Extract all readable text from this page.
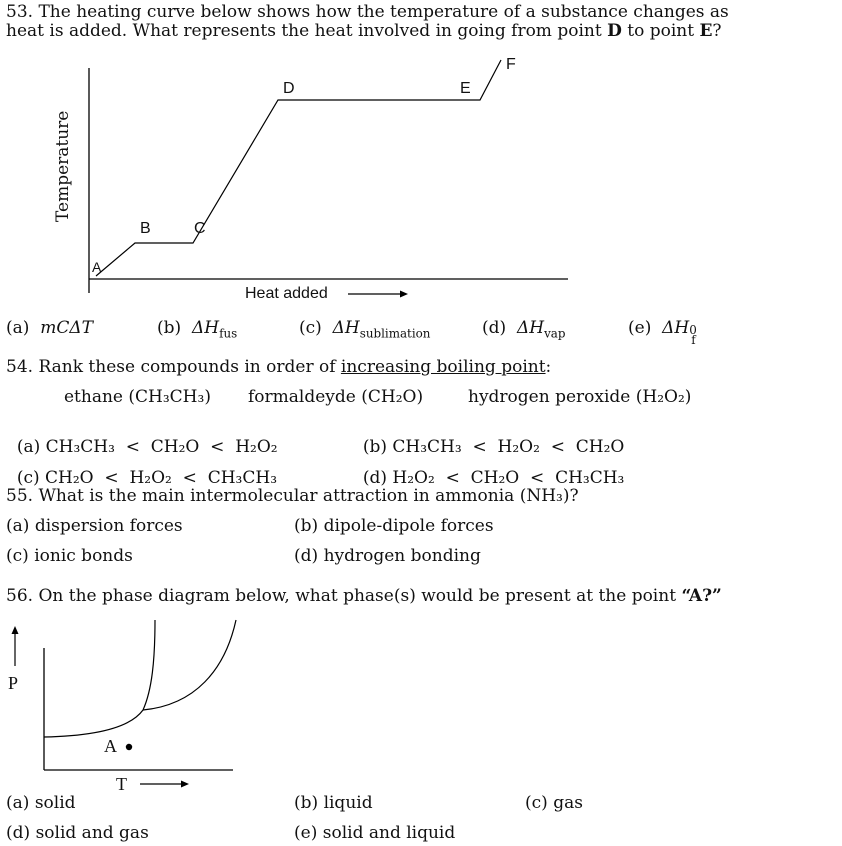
53. The heating curve below shows how the temperature of a substance changes as
heat is added. What represents the heat involved in going from point D to point E?
Temperature
Heat added
A
B	C
D	E
F
(a) mCΔT	(b) $\Delta H_{fus}$	(c) $\Delta H_{sublimation}$	(d) $\Delta H_{vap}$	(e) ΔH 0
f
54. Rank these compounds in order of increasing boiling point:
ethane (CH₃CH₃) formaldeyde (CH₂O)	hydrogen peroxide (H₂O₂)

(a) CH₃CH₃  <  CH₂O  <  H₂O₂	(b) CH₃CH₃  <  H₂O₂  <  CH₂O

(c) CH₂O  <  H₂O₂  <  CH₃CH₃	(d) H₂O₂  <  CH₂O  <  CH₃CH₃

55. What is the main intermolecular attraction in ammonia (NH₃)?
(a) dispersion forces	(b) dipole-dipole forces
(c) ionic bonds	(d) hydrogen bonding
56. On the phase diagram below, what phase(s) would be present at the point “A?”
P
T
A
(a) solid	(b) liquid	(c) gas
(d) solid and gas	(e) solid and liquid
